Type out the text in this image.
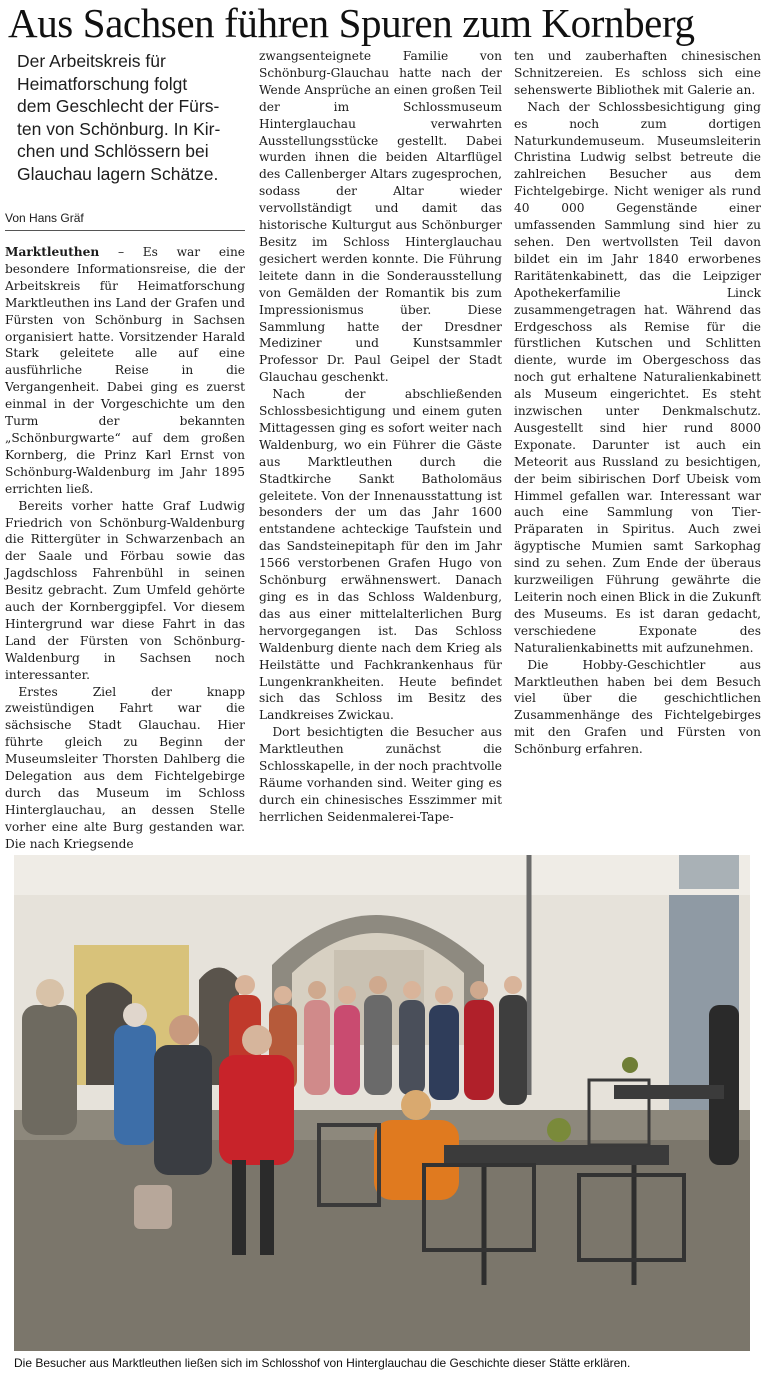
Aus Sachsen führen Spuren zum Kornberg

Der Arbeitskreis für

Heimatforschung folgt

dem Geschlecht der Fürs-

ten von Schönburg. In Kir-

chen und Schlössern bei

Glauchau lagern Schätze.

Von Hans Gräf

Marktleuthen – Es war eine besondere Informationsreise, die der Arbeitskreis für Heimatforschung Marktleuthen ins Land der Grafen und Fürsten von Schönburg in Sachsen organisiert hatte. Vorsitzender Harald Stark geleitete alle auf eine ausführliche Reise in die Vergangenheit. Dabei ging es zuerst einmal in der Vorgeschichte um den Turm der bekannten „Schönburgwarte“ auf dem großen Kornberg, die Prinz Karl Ernst von Schönburg-Waldenburg im Jahr 1895 errichten ließ.

Bereits vorher hatte Graf Ludwig Friedrich von Schönburg-Waldenburg die Rittergüter in Schwarzenbach an der Saale und Förbau sowie das Jagdschloss Fahrenbühl in seinen Besitz gebracht. Zum Umfeld gehörte auch der Kornberggipfel. Vor diesem Hintergrund war diese Fahrt in das Land der Fürsten von Schönburg-Waldenburg in Sachsen noch interessanter.

Erstes Ziel der knapp zweistündigen Fahrt war die sächsische Stadt Glauchau. Hier führte gleich zu Beginn der Museumsleiter Thorsten Dahlberg die Delegation aus dem Fichtelgebirge durch das Museum im Schloss Hinterglauchau, an dessen Stelle vorher eine alte Burg gestanden war. Die nach Kriegsende

zwangsenteignete Familie von Schönburg-Glauchau hatte nach der Wende Ansprüche an einen großen Teil der im Schlossmuseum Hinterglauchau verwahrten Ausstellungsstücke gestellt. Dabei wurden ihnen die beiden Altarflügel des Callenberger Altars zugesprochen, sodass der Altar wieder vervollständigt und damit das historische Kulturgut aus Schönburger Besitz im Schloss Hinterglauchau gesichert werden konnte. Die Führung leitete dann in die Sonderausstellung von Gemälden der Romantik bis zum Impressionismus über. Diese Sammlung hatte der Dresdner Mediziner und Kunstsammler Professor Dr. Paul Geipel der Stadt Glauchau geschenkt.

Nach der abschließenden Schlossbesichtigung und einem guten Mittagessen ging es sofort weiter nach Waldenburg, wo ein Führer die Gäste aus Marktleuthen durch die Stadtkirche Sankt Batholomäus geleitete. Von der Innenausstattung ist besonders der um das Jahr 1600 entstandene achteckige Taufstein und das Sandsteinepitaph für den im Jahr 1566 verstorbenen Grafen Hugo von Schönburg erwähnenswert. Danach ging es in das Schloss Waldenburg, das aus einer mittelalterlichen Burg hervorgegangen ist. Das Schloss Waldenburg diente nach dem Krieg als Heilstätte und Fachkrankenhaus für Lungenkrankheiten. Heute befindet sich das Schloss im Besitz des Landkreises Zwickau.

Dort besichtigten die Besucher aus Marktleuthen zunächst die Schlosskapelle, in der noch prachtvolle Räume vorhanden sind. Weiter ging es durch ein chinesisches Esszimmer mit herrlichen Seidenmalerei-Tape-

ten und zauberhaften chinesischen Schnitzereien. Es schloss sich eine sehenswerte Bibliothek mit Galerie an.

Nach der Schlossbesichtigung ging es noch zum dortigen Naturkundemuseum. Museumsleiterin Christina Ludwig selbst betreute die zahlreichen Besucher aus dem Fichtelgebirge. Nicht weniger als rund 40 000 Gegenstände einer umfassenden Sammlung sind hier zu sehen. Den wertvollsten Teil davon bildet ein im Jahr 1840 erworbenes Raritätenkabinett, das die Leipziger Apothekerfamilie Linck zusammengetragen hat. Während das Erdgeschoss als Remise für die fürstlichen Kutschen und Schlitten diente, wurde im Obergeschoss das noch gut erhaltene Naturalienkabinett als Museum eingerichtet. Es steht inzwischen unter Denkmalschutz. Ausgestellt sind hier rund 8000 Exponate. Darunter ist auch ein Meteorit aus Russland zu besichtigen, der beim sibirischen Dorf Ubeisk vom Himmel gefallen war. Interessant war auch eine Sammlung von Tier-Präparaten in Spiritus. Auch zwei ägyptische Mumien samt Sarkophag sind zu sehen. Zum Ende der überaus kurzweiligen Führung gewährte die Leiterin noch einen Blick in die Zukunft des Museums. Es ist daran gedacht, verschiedene Exponate des Naturalienkabinetts mit aufzunehmen.

Die Hobby-Geschichtler aus Marktleuthen haben bei dem Besuch viel über die geschichtlichen Zusammenhänge des Fichtelgebirges mit den Grafen und Fürsten von Schönburg erfahren.

Die Besucher aus Marktleuthen ließen sich im Schlosshof von Hinterglauchau die Geschichte dieser Stätte erklären.
